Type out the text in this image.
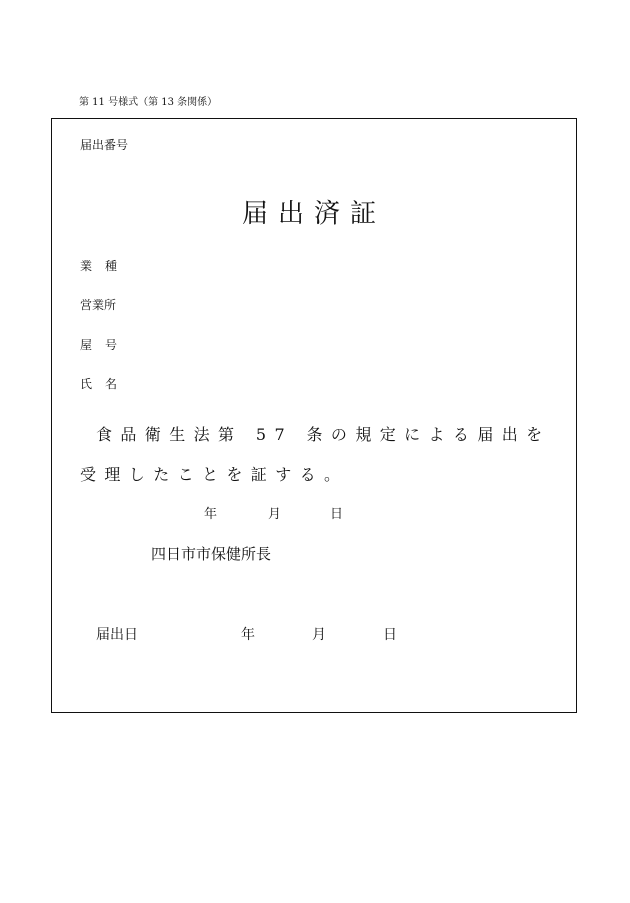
第 11 号様式（第 13 条関係）
届出番号
届出済証
業種
営業所
屋号
氏名
食品衛生法第 57 条の規定による届出を
受理したことを証する。
年	月	日
四日市市保健所長
届出日	年	月	日
